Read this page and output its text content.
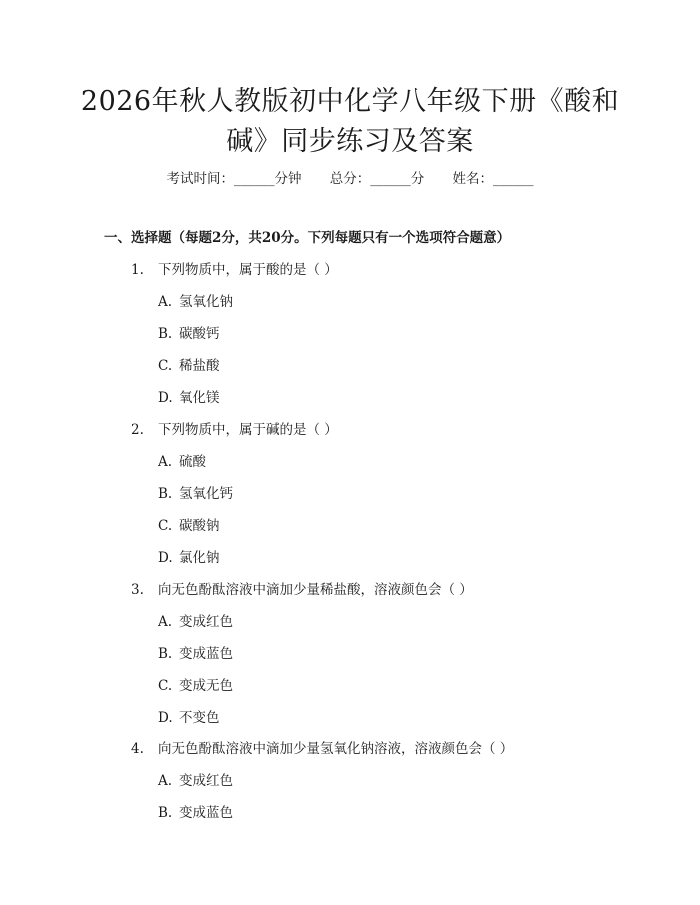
2026年秋人教版初中化学八年级下册《酸和碱》同步练习及答案
考试时间：______分钟 总分：______分 姓名：______
一、选择题（每题2分，共20分。下列每题只有一个选项符合题意）
1. 下列物质中，属于酸的是（ ）
A. 氢氧化钠
B. 碳酸钙
C. 稀盐酸
D. 氧化镁
2. 下列物质中，属于碱的是（ ）
A. 硫酸
B. 氢氧化钙
C. 碳酸钠
D. 氯化钠
3. 向无色酚酞溶液中滴加少量稀盐酸，溶液颜色会（ ）
A. 变成红色
B. 变成蓝色
C. 变成无色
D. 不变色
4. 向无色酚酞溶液中滴加少量氢氧化钠溶液，溶液颜色会（ ）
A. 变成红色
B. 变成蓝色
